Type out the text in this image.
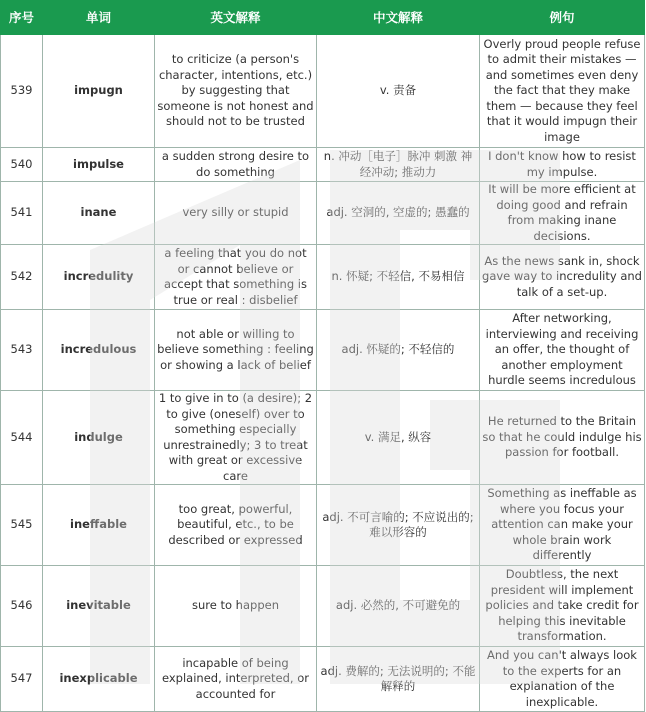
序号	单词	英文解释	中文解释	例句
539	impugn	to criticize (a person's character, intentions, etc.) by suggesting that someone is not honest and should not to be trusted	v. 责备	Overly proud people refuse to admit their mistakes — and sometimes even deny the fact that they make them — because they feel that it would impugn their image
540	impulse	a sudden strong desire to do something	n. 冲动［电子］脉冲 刺激 神经冲动; 推动力	I don't know how to resist my impulse.
541	inane	very silly or stupid	adj. 空洞的, 空虚的; 愚蠢的	It will be more efficient at doing good and refrain from making inane decisions.
542	incredulity	a feeling that you do not or cannot believe or accept that something is true or real : disbelief	n. 怀疑; 不轻信, 不易相信	As the news sank in, shock gave way to incredulity and talk of a set-up.
543	incredulous	not able or willing to believe something : feeling or showing a lack of belief	adj. 怀疑的; 不轻信的	After networking, interviewing and receiving an offer, the thought of another employment hurdle seems incredulous
544	indulge	1 to give in to (a desire); 2 to give (oneself) over to something especially unrestrainedly; 3 to treat with great or excessive care	v. 满足, 纵容	He returned to the Britain so that he could indulge his passion for football.
545	ineffable	too great, powerful, beautiful, etc., to be described or expressed	adj. 不可言喻的; 不应说出的; 难以形容的	Something as ineffable as where you focus your attention can make your whole brain work differently
546	inevitable	sure to happen	adj. 必然的, 不可避免的	Doubtless, the next president will implement policies and take credit for helping this inevitable transformation.
547	inexplicable	incapable of being explained, interpreted, or accounted for	adj. 费解的; 无法说明的; 不能解释的	And you can't always look to the experts for an explanation of the inexplicable.
